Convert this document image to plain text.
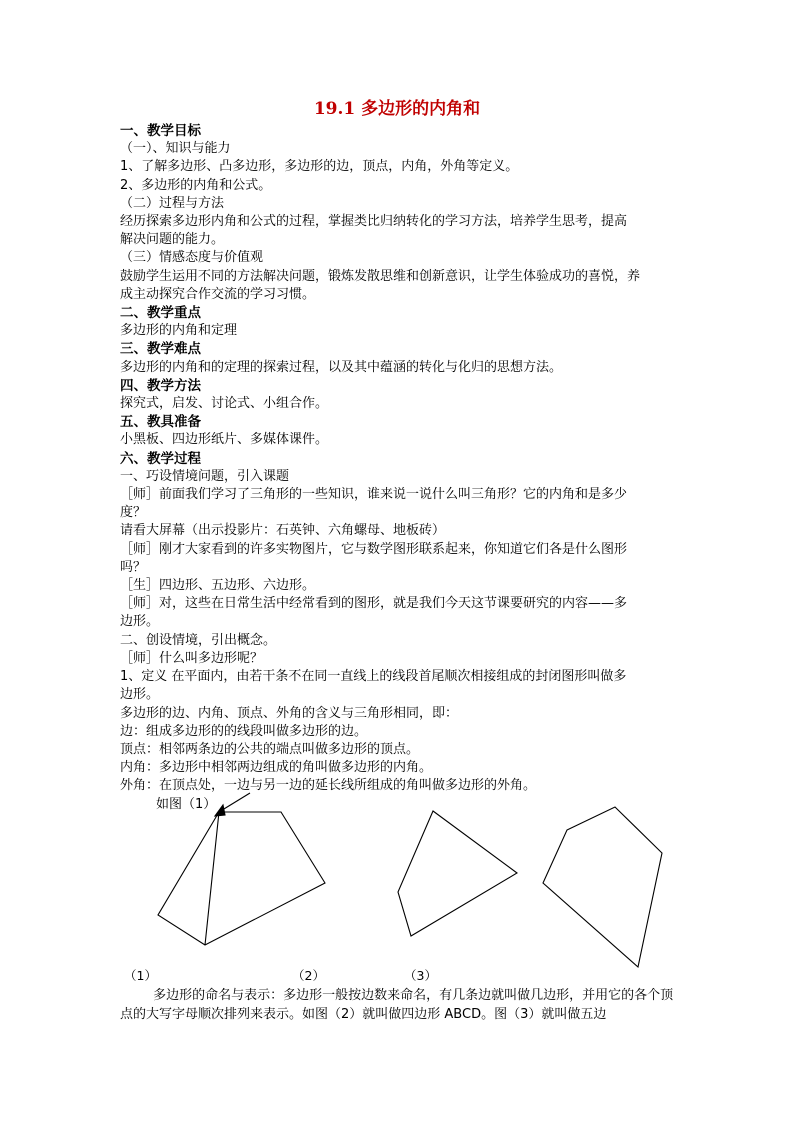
19.1 多边形的内角和
一、教学目标
（一）、知识与能力
1、了解多边形、凸多边形，多边形的边，顶点，内角，外角等定义。
2、多边形的内角和公式。
（二）过程与方法
经历探索多边形内角和公式的过程，掌握类比归纳转化的学习方法，培养学生思考，提高
解决问题的能力。
（三）情感态度与价值观
鼓励学生运用不同的方法解决问题，锻炼发散思维和创新意识，让学生体验成功的喜悦，养
成主动探究合作交流的学习习惯。
二、教学重点
多边形的内角和定理
三、教学难点
多边形的内角和的定理的探索过程，以及其中蕴涵的转化与化归的思想方法。
四、教学方法
探究式，启发、讨论式、小组合作。
五、教具准备
小黑板、四边形纸片、多媒体课件。
六、教学过程
一、巧设情境问题，引入课题
［师］前面我们学习了三角形的一些知识，谁来说一说什么叫三角形？它的内角和是多少
度？
请看大屏幕（出示投影片：石英钟、六角螺母、地板砖）
［师］刚才大家看到的许多实物图片，它与数学图形联系起来，你知道它们各是什么图形
吗？
［生］四边形、五边形、六边形。
［师］对，这些在日常生活中经常看到的图形，就是我们今天这节课要研究的内容——多
边形。
二、创设情境，引出概念。
［师］什么叫多边形呢？
1、定义 在平面内，由若干条不在同一直线上的线段首尾顺次相接组成的封闭图形叫做多
边形。
多边形的边、内角、顶点、外角的含义与三角形相同，即：
边：组成多边形的的线段叫做多边形的边。
顶点：相邻两条边的公共的端点叫做多边形的顶点。
内角：多边形中相邻两边组成的角叫做多边形的内角。
外角：在顶点处，一边与另一边的延长线所组成的角叫做多边形的外角。
如图（1）
（1）	（2）	（3）
多边形的命名与表示：多边形一般按边数来命名，有几条边就叫做几边形，并用它的各个顶点的大写字母顺次排列来表示。如图（2）就叫做四边形 ABCD。图（3）就叫做五边
